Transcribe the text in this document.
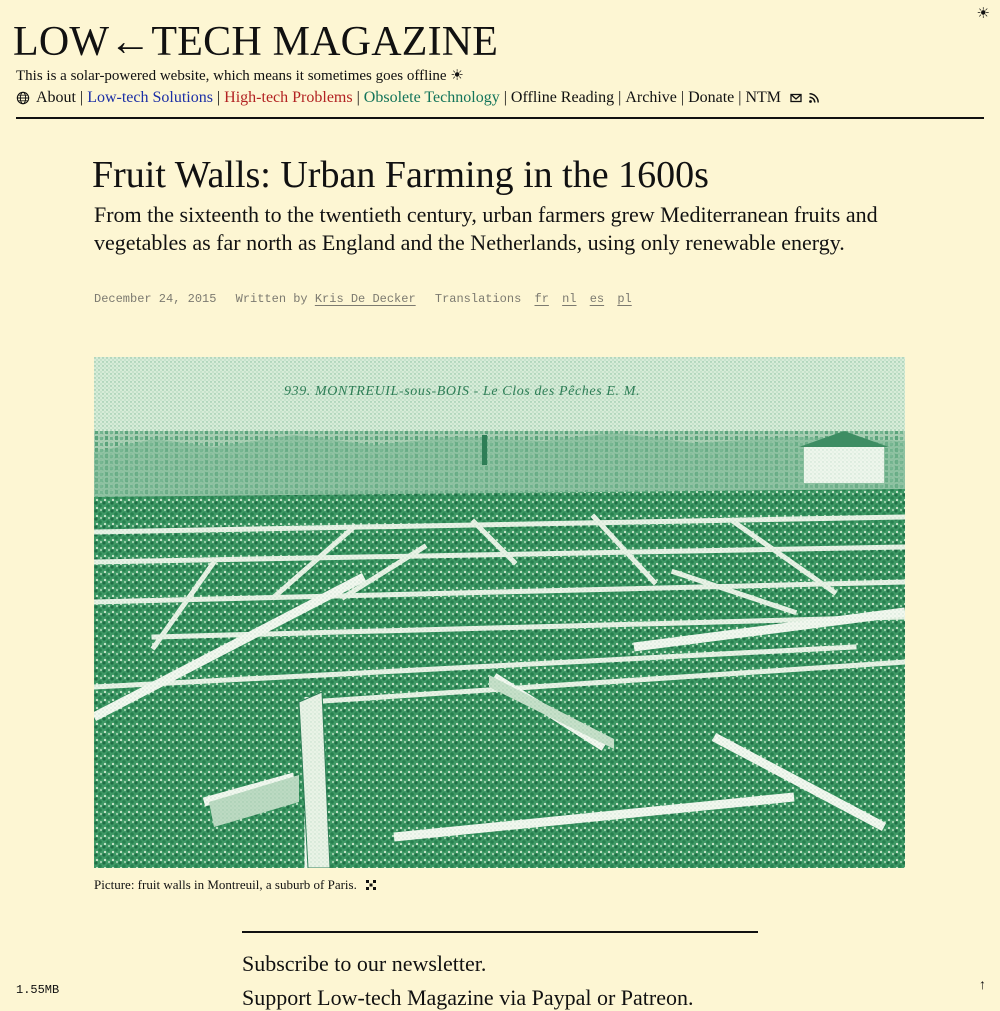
☀
LOW←TECH MAGAZINE
This is a solar-powered website, which means it sometimes goes offline ☀
About | Low-tech Solutions | High-tech Problems | Obsolete Technology | Offline Reading | Archive | Donate | NTM
Fruit Walls: Urban Farming in the 1600s

From the sixteenth to the twentieth century, urban farmers grew Mediterranean fruits and vegetables as far north as England and the Netherlands, using only renewable energy.

December 24, 2015 Written by Kris De Decker Translations fr nl es pl
Picture: fruit walls in Montreuil, a suburb of Paris.
Subscribe to our newsletter.
Support Low-tech Magazine via Paypal or Patreon.
1.55MB	↑
